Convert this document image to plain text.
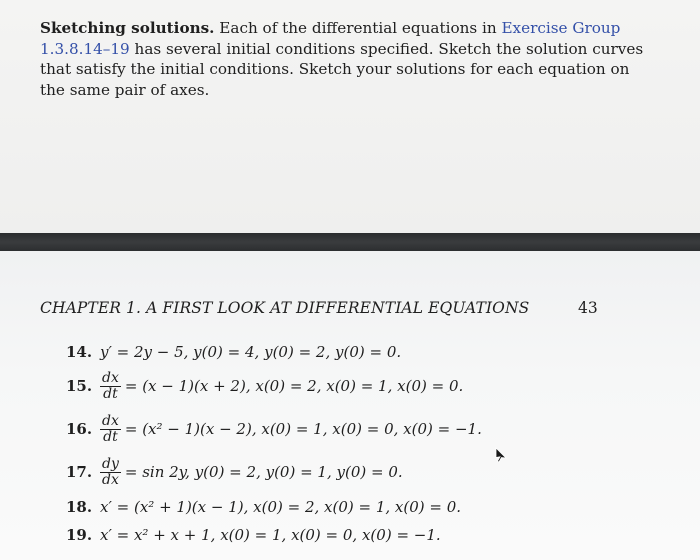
Sketching solutions. Each of the differential equations in Exercise Group 1.3.8.14–19 has several initial conditions specified. Sketch the solution curves that satisfy the initial conditions. Sketch your solutions for each equation on the same pair of axes.
CHAPTER 1. A FIRST LOOK AT DIFFERENTIAL EQUATIONS	43
14. y′ = 2y − 5, y(0) = 4, y(0) = 2, y(0) = 0.
15. $\frac{dx}{dt} = (x - 1)(x + 2)$, x(0) = 2, x(0) = 1, x(0) = 0.
16. $\frac{dx}{dt} = (x^2 - 1)(x - 2)$, x(0) = 1, x(0) = 0, x(0) = −1.
17. $\frac{dy}{dx} = \sin 2y$, y(0) = 2, y(0) = 1, y(0) = 0.
18. x′ = (x² + 1)(x − 1), x(0) = 2, x(0) = 1, x(0) = 0.
19. x′ = x² + x + 1, x(0) = 1, x(0) = 0, x(0) = −1.
